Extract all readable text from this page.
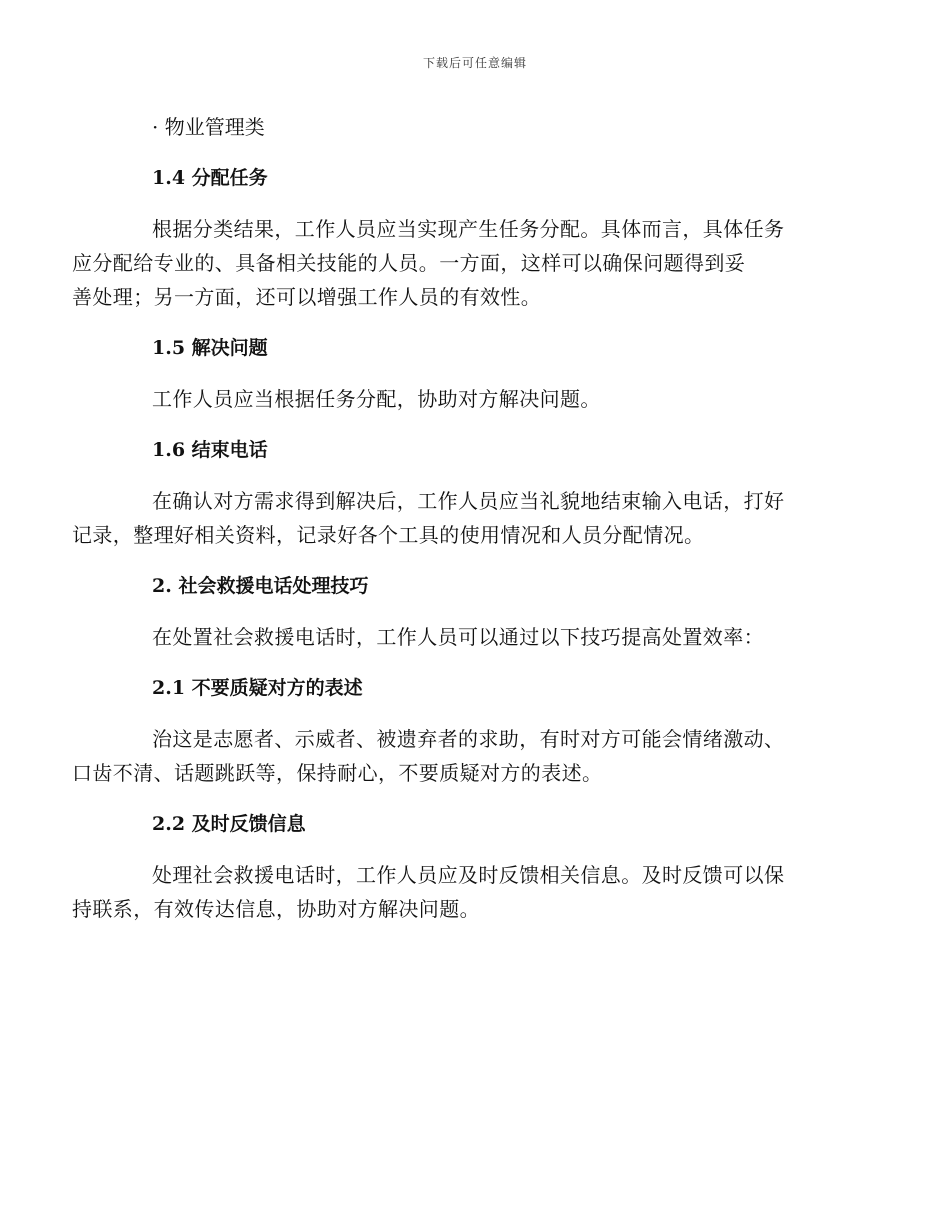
下载后可任意编辑

· 物业管理类

1.4 分配任务

根据分类结果，工作人员应当实现产生任务分配。具体而言，具体任务
应分配给专业的、具备相关技能的人员。一方面，这样可以确保问题得到妥
善处理；另一方面，还可以增强工作人员的有效性。

1.5 解决问题

工作人员应当根据任务分配，协助对方解决问题。

1.6 结束电话

在确认对方需求得到解决后，工作人员应当礼貌地结束输入电话，打好
记录，整理好相关资料，记录好各个工具的使用情况和人员分配情况。

2. 社会救援电话处理技巧

在处置社会救援电话时，工作人员可以通过以下技巧提高处置效率：

2.1 不要质疑对方的表述

治这是志愿者、示威者、被遗弃者的求助，有时对方可能会情绪激动、
口齿不清、话题跳跃等，保持耐心，不要质疑对方的表述。

2.2 及时反馈信息

处理社会救援电话时，工作人员应及时反馈相关信息。及时反馈可以保
持联系，有效传达信息，协助对方解决问题。
